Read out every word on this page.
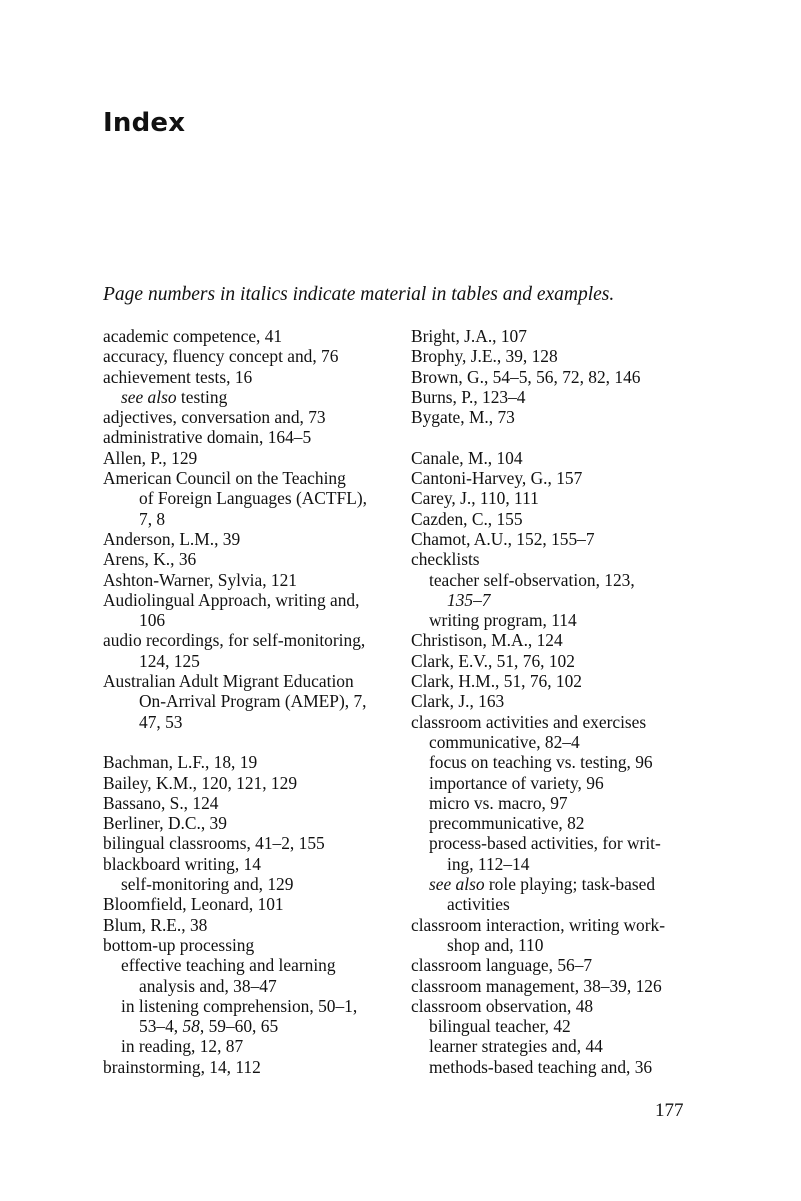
Index
Page numbers in italics indicate material in tables and examples.
academic competence, 41
accuracy, fluency concept and, 76
achievement tests, 16
see also testing
adjectives, conversation and, 73
administrative domain, 164–5
Allen, P., 129
American Council on the Teaching
of Foreign Languages (ACTFL),
7, 8
Anderson, L.M., 39
Arens, K., 36
Ashton-Warner, Sylvia, 121
Audiolingual Approach, writing and,
106
audio recordings, for self-monitoring,
124, 125
Australian Adult Migrant Education
On-Arrival Program (AMEP), 7,
47, 53
Bachman, L.F., 18, 19
Bailey, K.M., 120, 121, 129
Bassano, S., 124
Berliner, D.C., 39
bilingual classrooms, 41–2, 155
blackboard writing, 14
self-monitoring and, 129
Bloomfield, Leonard, 101
Blum, R.E., 38
bottom-up processing
effective teaching and learning
analysis and, 38–47
in listening comprehension, 50–1,
53–4, 58, 59–60, 65
in reading, 12, 87
brainstorming, 14, 112
Bright, J.A., 107
Brophy, J.E., 39, 128
Brown, G., 54–5, 56, 72, 82, 146
Burns, P., 123–4
Bygate, M., 73
Canale, M., 104
Cantoni-Harvey, G., 157
Carey, J., 110, 111
Cazden, C., 155
Chamot, A.U., 152, 155–7
checklists
teacher self-observation, 123,
135–7
writing program, 114
Christison, M.A., 124
Clark, E.V., 51, 76, 102
Clark, H.M., 51, 76, 102
Clark, J., 163
classroom activities and exercises
communicative, 82–4
focus on teaching vs. testing, 96
importance of variety, 96
micro vs. macro, 97
precommunicative, 82
process-based activities, for writ-
ing, 112–14
see also role playing; task-based
activities
classroom interaction, writing work-
shop and, 110
classroom language, 56–7
classroom management, 38–39, 126
classroom observation, 48
bilingual teacher, 42
learner strategies and, 44
methods-based teaching and, 36
177
